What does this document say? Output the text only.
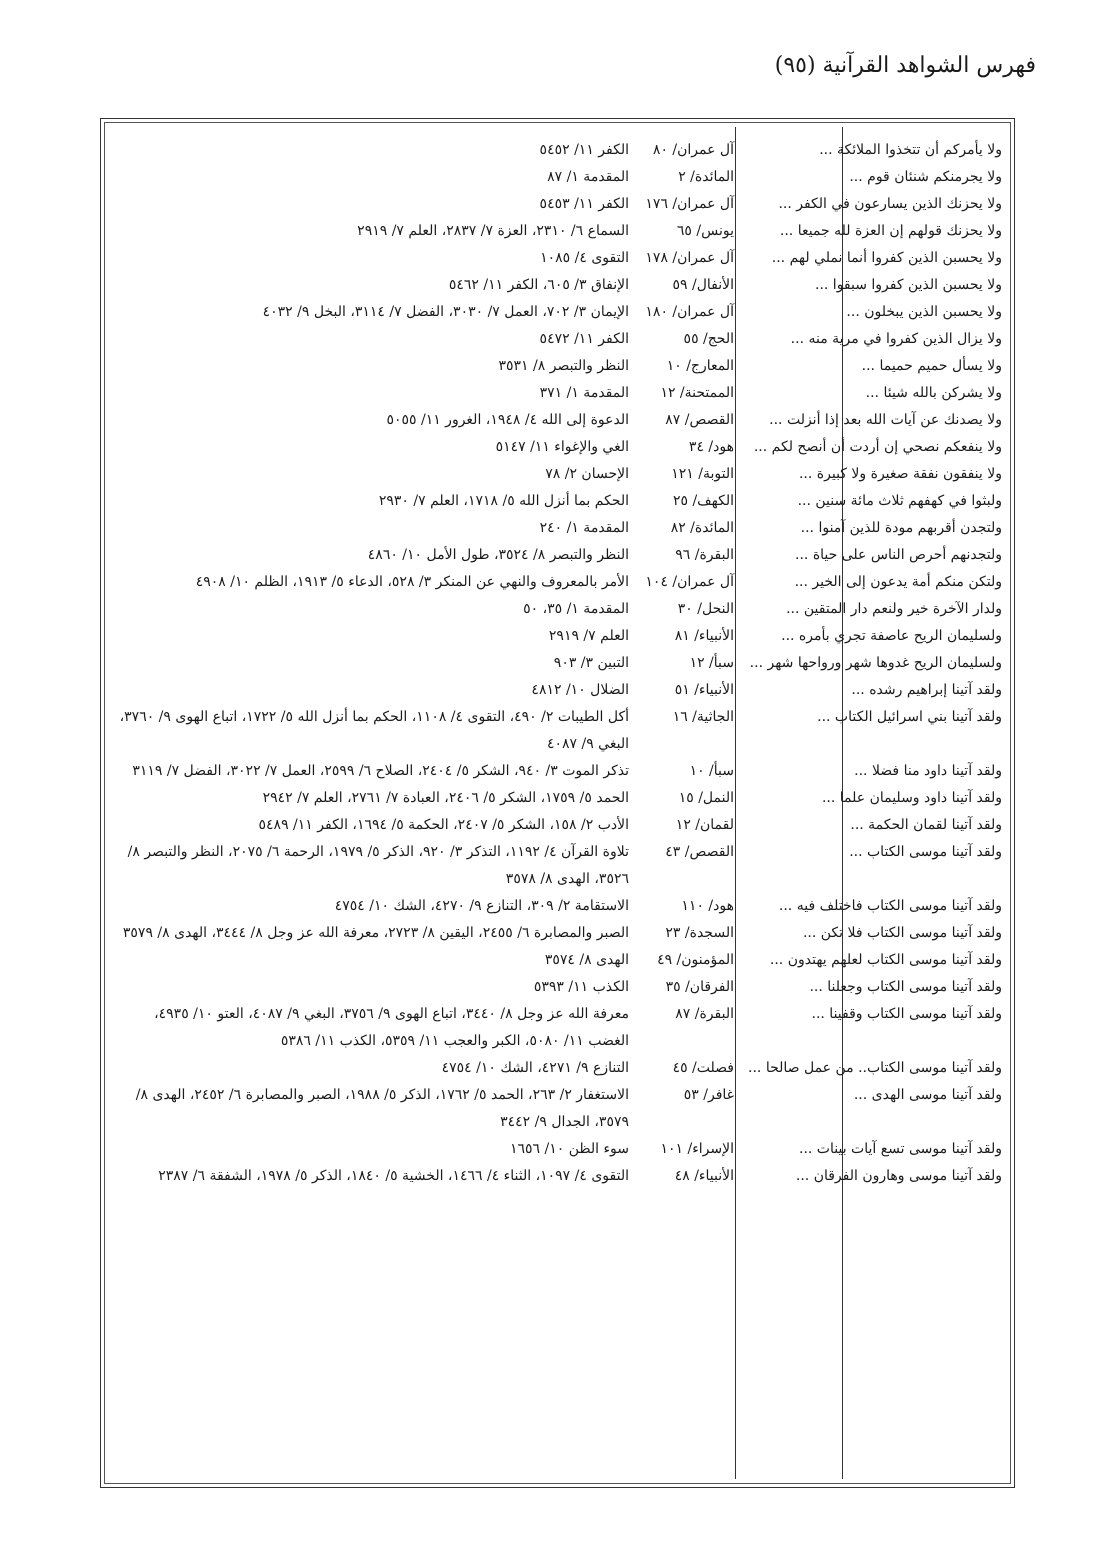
فهرس الشواهد القرآنية (٩٥)
ولا يأمركم أن تتخذوا الملائكة ...
آل عمران/ ٨٠
الكفر ١١/ ٥٤٥٢
ولا يجرمنكم شنئان قوم ...
المائدة/ ٢
المقدمة ١/ ٨٧
ولا يحزنك الذين يسارعون في الكفر ...
آل عمران/ ١٧٦
الكفر ١١/ ٥٤٥٣
ولا يحزنك قولهم إن العزة لله جميعا ...
يونس/ ٦٥
السماع ٦/ ٢٣١٠، العزة ٧/ ٢٨٣٧، العلم ٧/ ٢٩١٩
ولا يحسبن الذين كفروا أنما نملي لهم ...
آل عمران/ ١٧٨
التقوى ٤/ ١٠٨٥
ولا يحسبن الذين كفروا سبقوا ...
الأنفال/ ٥٩
الإنفاق ٣/ ٦٠٥، الكفر ١١/ ٥٤٦٢
ولا يحسبن الذين يبخلون ...
آل عمران/ ١٨٠
الإيمان ٣/ ٧٠٢، العمل ٧/ ٣٠٣٠، الفضل ٧/ ٣١١٤، البخل ٩/ ٤٠٣٢
ولا يزال الذين كفروا في مرية منه ...
الحج/ ٥٥
الكفر ١١/ ٥٤٧٢
ولا يسأل حميم حميما ...
المعارج/ ١٠
النظر والتبصر ٨/ ٣٥٣١
ولا يشركن بالله شيئا ...
الممتحنة/ ١٢
المقدمة ١/ ٣٧١
ولا يصدنك عن آيات الله بعد إذا أنزلت ...
القصص/ ٨٧
الدعوة إلى الله ٤/ ١٩٤٨، الغرور ١١/ ٥٠٥٥
ولا ينفعكم نصحي إن أردت أن أنصح لكم ...
هود/ ٣٤
الغي والإغواء ١١/ ٥١٤٧
ولا ينفقون نفقة صغيرة ولا كبيرة ...
التوبة/ ١٢١
الإحسان ٢/ ٧٨
ولبثوا في كهفهم ثلاث مائة سنين ...
الكهف/ ٢٥
الحكم بما أنزل الله ٥/ ١٧١٨، العلم ٧/ ٢٩٣٠
ولتجدن أقربهم مودة للذين آمنوا ...
المائدة/ ٨٢
المقدمة ١/ ٢٤٠
ولتجدنهم أحرص الناس على حياة ...
البقرة/ ٩٦
النظر والتبصر ٨/ ٣٥٢٤، طول الأمل ١٠/ ٤٨٦٠
ولتكن منكم أمة يدعون إلى الخير ...
آل عمران/ ١٠٤
الأمر بالمعروف والنهي عن المنكر ٣/ ٥٢٨، الدعاء ٥/ ١٩١٣، الظلم ١٠/ ٤٩٠٨
ولدار الآخرة خير ولنعم دار المتقين ...
النحل/ ٣٠
المقدمة ١/ ٣٥، ٥٠
ولسليمان الريح عاصفة تجري بأمره ...
الأنبياء/ ٨١
العلم ٧/ ٢٩١٩
ولسليمان الريح غدوها شهر ورواحها شهر ...
سبأ/ ١٢
التبين ٣/ ٩٠٣
ولقد آتينا إبراهيم رشده ...
الأنبياء/ ٥١
الضلال ١٠/ ٤٨١٢
ولقد آتينا بني اسرائيل الكتاب ...
الجاثية/ ١٦
أكل الطيبات ٢/ ٤٩٠، التقوى ٤/ ١١٠٨، الحكم بما أنزل الله ٥/ ١٧٢٢، اتباع الهوى ٩/ ٣٧٦٠، البغي ٩/ ٤٠٨٧
ولقد آتينا داود منا فضلا ...
سبأ/ ١٠
تذكر الموت ٣/ ٩٤٠، الشكر ٥/ ٢٤٠٤، الصلاح ٦/ ٢٥٩٩، العمل ٧/ ٣٠٢٢، الفضل ٧/ ٣١١٩
ولقد آتينا داود وسليمان علما ...
النمل/ ١٥
الحمد ٥/ ١٧٥٩، الشكر ٥/ ٢٤٠٦، العبادة ٧/ ٢٧٦١، العلم ٧/ ٢٩٤٢
ولقد آتينا لقمان الحكمة ...
لقمان/ ١٢
الأدب ٢/ ١٥٨، الشكر ٥/ ٢٤٠٧، الحكمة ٥/ ١٦٩٤، الكفر ١١/ ٥٤٨٩
ولقد آتينا موسى الكتاب ...
القصص/ ٤٣
تلاوة القرآن ٤/ ١١٩٢، التذكر ٣/ ٩٢٠، الذكر ٥/ ١٩٧٩، الرحمة ٦/ ٢٠٧٥، النظر والتبصر ٨/ ٣٥٢٦، الهدى ٨/ ٣٥٧٨
ولقد آتينا موسى الكتاب فاختلف فيه ...
هود/ ١١٠
الاستقامة ٢/ ٣٠٩، التنازع ٩/ ٤٢٧٠، الشك ١٠/ ٤٧٥٤
ولقد آتينا موسى الكتاب فلا تكن ...
السجدة/ ٢٣
الصبر والمصابرة ٦/ ٢٤٥٥، اليقين ٨/ ٢٧٢٣، معرفة الله عز وجل ٨/ ٣٤٤٤، الهدى ٨/ ٣٥٧٩
ولقد آتينا موسى الكتاب لعلهم يهتدون ...
المؤمنون/ ٤٩
الهدى ٨/ ٣٥٧٤
ولقد آتينا موسى الكتاب وجعلنا ...
الفرقان/ ٣٥
الكذب ١١/ ٥٣٩٣
ولقد آتينا موسى الكتاب وقفينا ...
البقرة/ ٨٧
معرفة الله عز وجل ٨/ ٣٤٤٠، اتباع الهوى ٩/ ٣٧٥٦، البغي ٩/ ٤٠٨٧، العتو ١٠/ ٤٩٣٥، الغضب ١١/ ٥٠٨٠، الكبر والعجب ١١/ ٥٣٥٩، الكذب ١١/ ٥٣٨٦
ولقد آتينا موسى الكتاب.. من عمل صالحا ...
فصلت/ ٤٥
التنازع ٩/ ٤٢٧١، الشك ١٠/ ٤٧٥٤
ولقد آتينا موسى الهدى ...
غافر/ ٥٣
الاستغفار ٢/ ٢٦٣، الحمد ٥/ ١٧٦٢، الذكر ٥/ ١٩٨٨، الصبر والمصابرة ٦/ ٢٤٥٢، الهدى ٨/ ٣٥٧٩، الجدال ٩/ ٣٤٤٢
ولقد آتينا موسى تسع آيات بينات ...
الإسراء/ ١٠١
سوء الظن ١٠/ ١٦٥٦
ولقد آتينا موسى وهارون الفرقان ...
الأنبياء/ ٤٨
التقوى ٤/ ١٠٩٧، الثناء ٤/ ١٤٦٦، الخشية ٥/ ١٨٤٠، الذكر ٥/ ١٩٧٨، الشفقة ٦/ ٢٣٨٧
